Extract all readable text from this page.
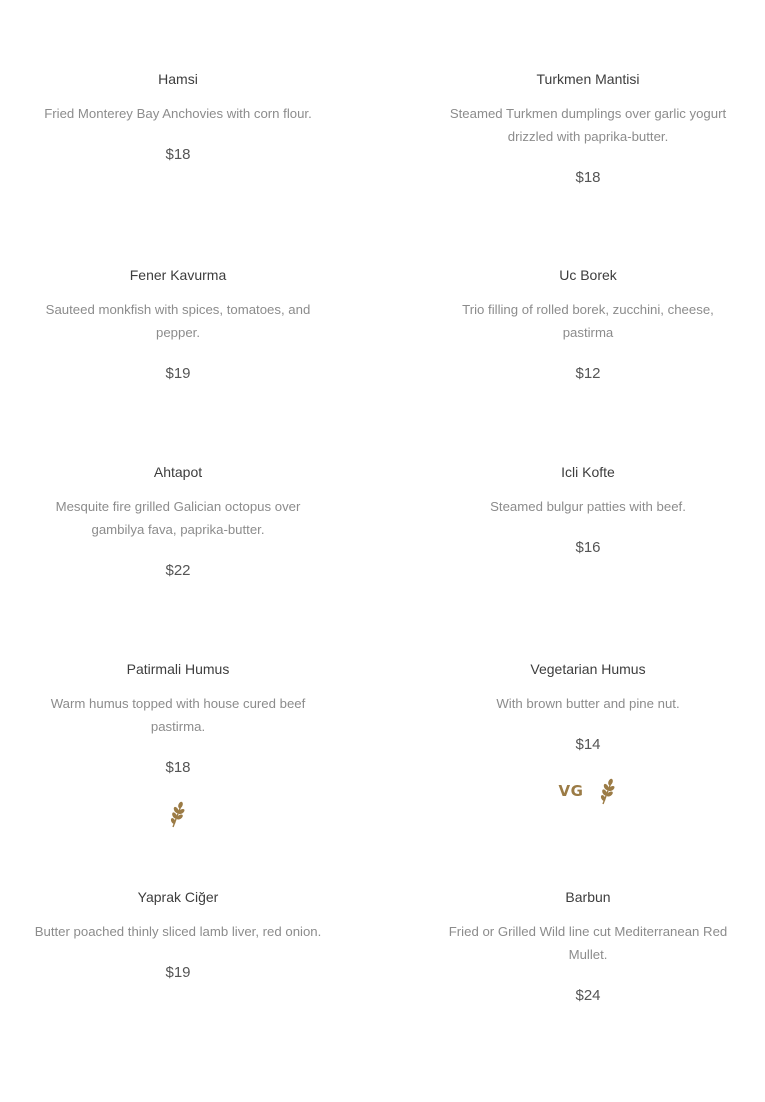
Hamsi

Fried Monterey Bay Anchovies with corn flour.

$18

Turkmen Mantisi

Steamed Turkmen dumplings over garlic yogurt drizzled with paprika-butter.

$18

Fener Kavurma

Sauteed monkfish with spices, tomatoes, and pepper.

$19

Uc Borek

Trio filling of rolled borek, zucchini, cheese, pastirma

$12

Ahtapot

Mesquite fire grilled Galician octopus over gambilya fava, paprika-butter.

$22

Icli Kofte

Steamed bulgur patties with beef.

$16

Patirmali Humus

Warm humus topped with house cured beef pastirma.

$18

Vegetarian Humus

With brown butter and pine nut.

$14

VG
Yaprak Ciğer

Butter poached thinly sliced lamb liver, red onion.

$19

Barbun

Fried or Grilled Wild line cut Mediterranean Red Mullet.

$24
